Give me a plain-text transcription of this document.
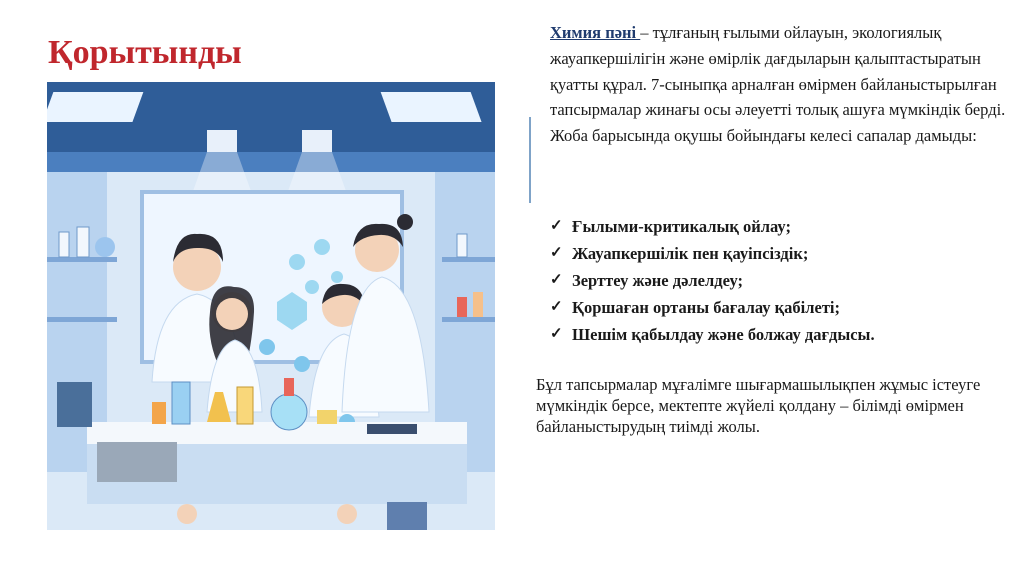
Қорытынды

Химия пәні – тұлғаның ғылыми ойлауын, экологиялық жауапкершілігін және өмірлік дағдыларын қалыптастыратын қуатты құрал. 7-сыныпқа арналған өмірмен байланыстырылған тапсырмалар жинағы осы әлеуетті толық ашуға мүмкіндік берді.

Жоба барысында оқушы бойындағы келесі сапалар дамыды:

✓ Ғылыми-критикалық ойлау;
✓ Жауапкершілік пен қауіпсіздік;
✓ Зерттеу және дәлелдеу;
✓ Қоршаған ортаны бағалау қабілеті;
✓ Шешім қабылдау және болжау дағдысы.

Бұл тапсырмалар мұғалімге шығармашылықпен жұмыс істеуге мүмкіндік берсе, мектепте жүйелі қолдану – білімді өмірмен байланыстырудың тиімді жолы.
